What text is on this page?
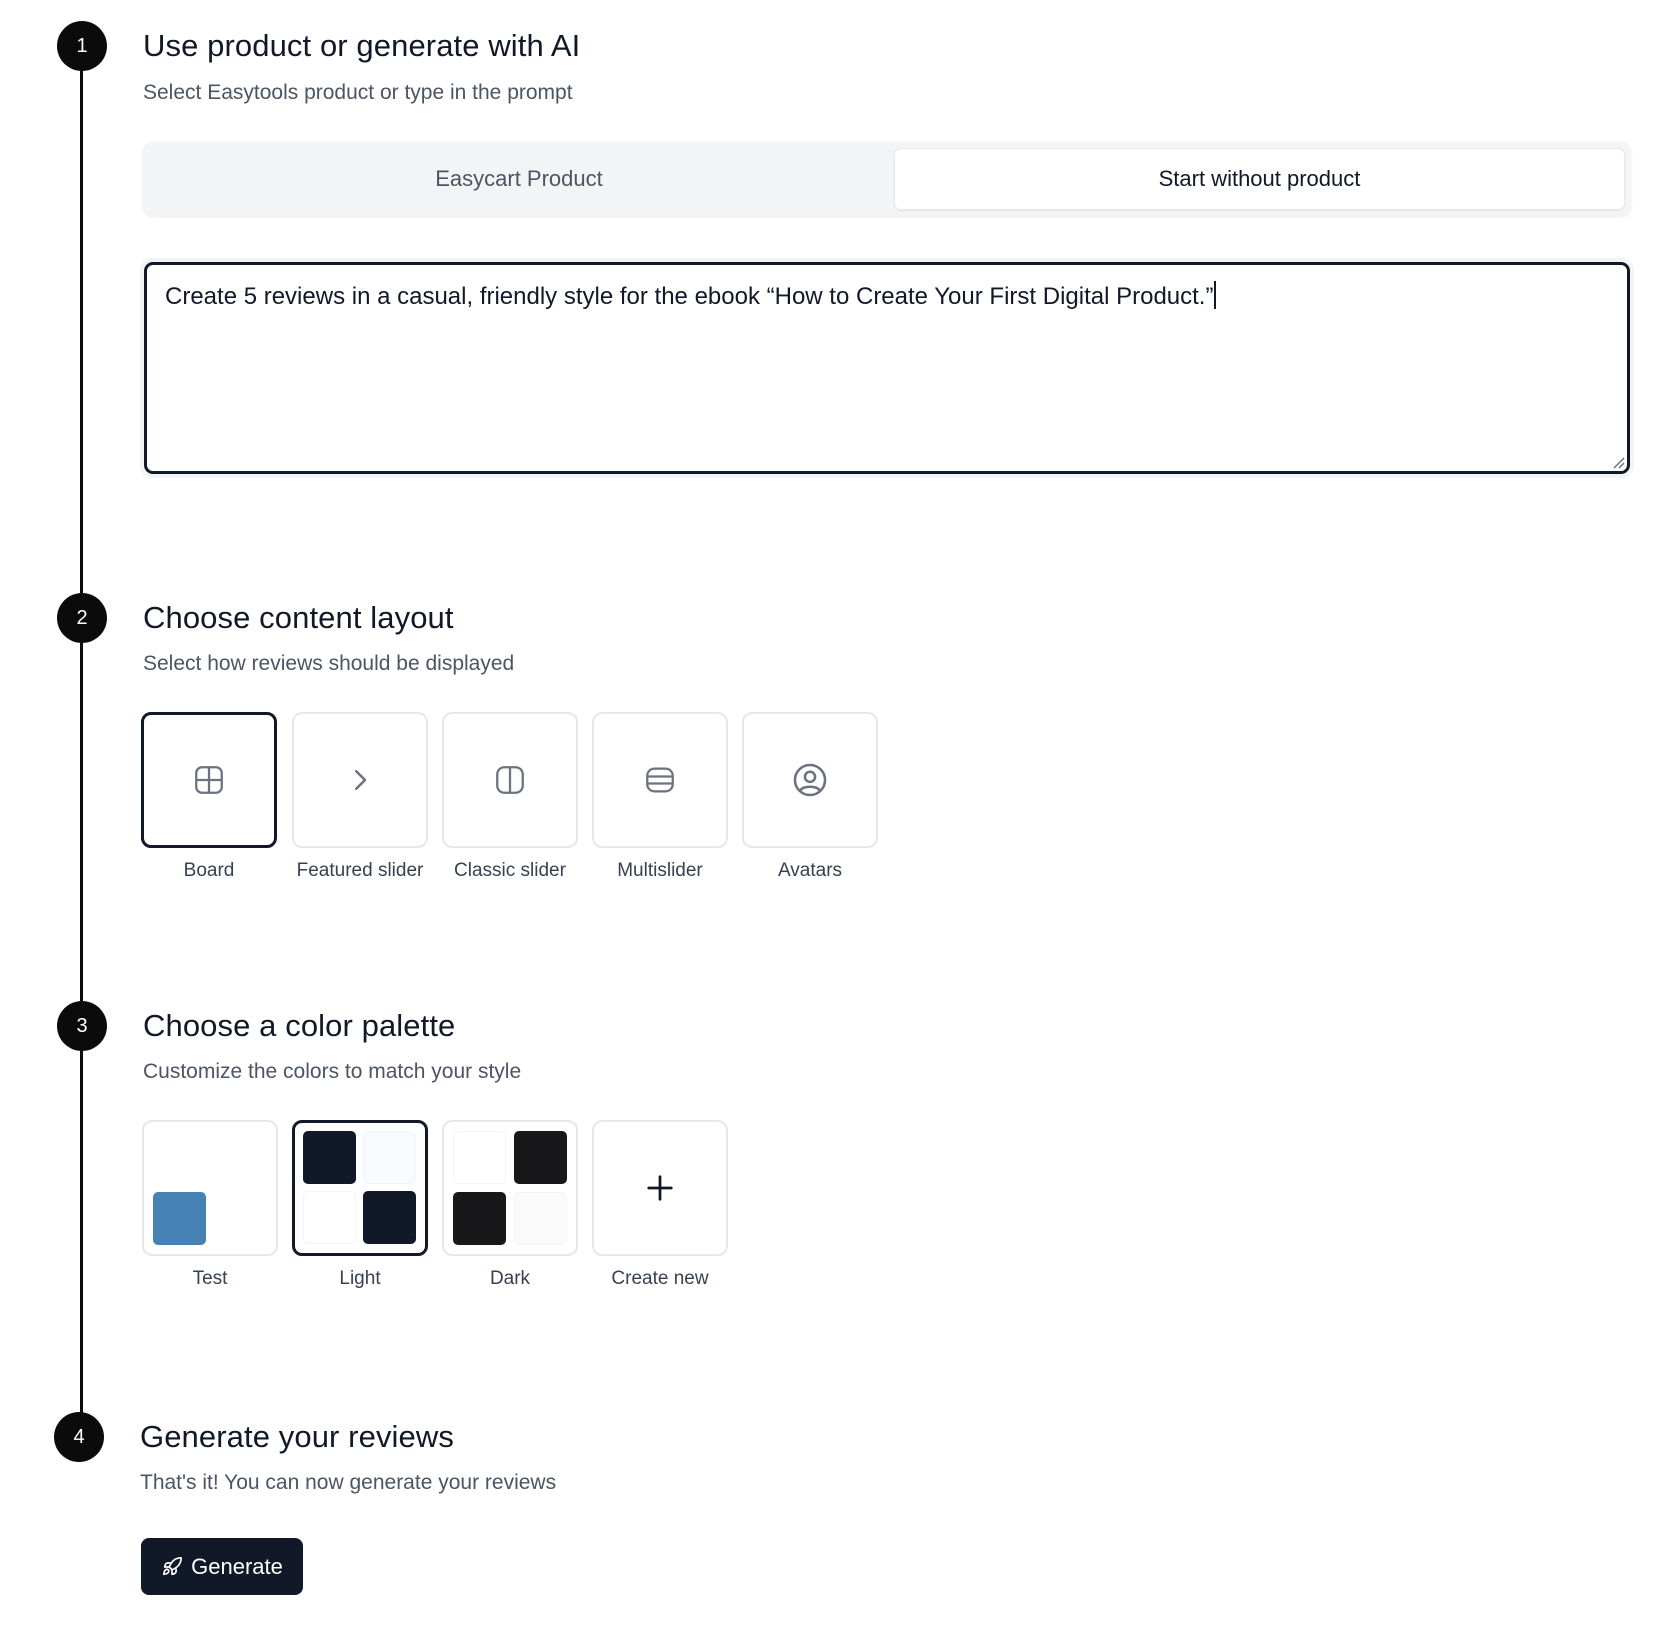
1	Use product or generate with AI
Select Easytools product or type in the prompt
Easycart Product	Start without product
Create 5 reviews in a casual, friendly style for the ebook “How to Create Your First Digital Product.”
2	Choose content layout
Select how reviews should be displayed
Board	Featured slider Classic slider	Multislider	Avatars
3	Choose a color palette
Customize the colors to match your style
Test	Light	Dark	Create new
4	Generate your reviews
That's it! You can now generate your reviews
Generate
